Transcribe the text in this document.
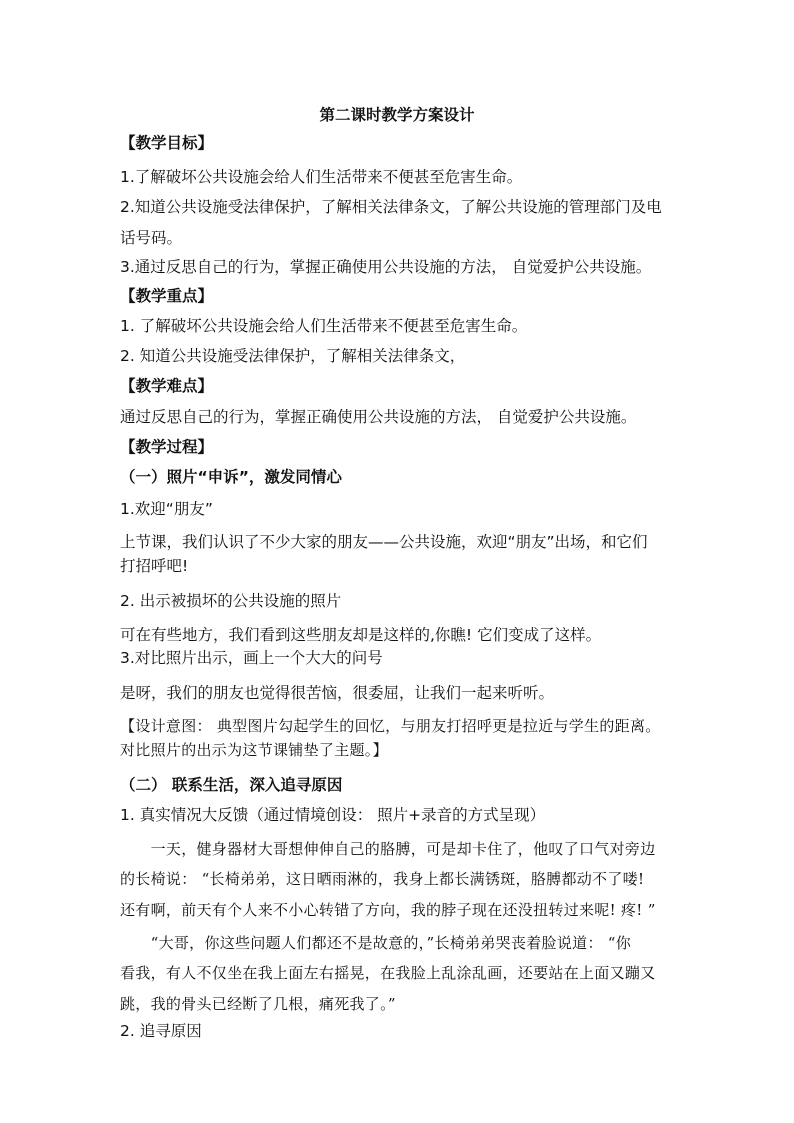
第二课时教学方案设计
【教学目标】
1.了解破坏公共设施会给人们生活带来不便甚至危害生命。
2.知道公共设施受法律保护，了解相关法律条文，了解公共设施的管理部门及电
话号码。
3.通过反思自己的行为，掌握正确使用公共设施的方法， 自觉爱护公共设施。
【教学重点】
1. 了解破坏公共设施会给人们生活带来不便甚至危害生命。
2. 知道公共设施受法律保护，了解相关法律条文，
【教学难点】
通过反思自己的行为，掌握正确使用公共设施的方法， 自觉爱护公共设施。
【教学过程】
（一）照片“申诉”，激发同情心
1.欢迎“朋友”
上节课，我们认识了不少大家的朋友——公共设施，欢迎“朋友”出场，和它们
打招呼吧!
2. 出示被损坏的公共设施的照片
可在有些地方，我们看到这些朋友却是这样的,你瞧! 它们变成了这样。
3.对比照片出示，画上一个大大的问号
是呀，我们的朋友也觉得很苦恼，很委屈，让我们一起来听听。
【设计意图： 典型图片勾起学生的回忆，与朋友打招呼更是拉近与学生的距离。
对比照片的出示为这节课铺垫了主题。】
（二） 联系生活，深入追寻原因
1. 真实情况大反馈（通过情境创设： 照片+录音的方式呈现）
　　一天，健身器材大哥想伸伸自己的胳膊，可是却卡住了，他叹了口气对旁边
的长椅说： “长椅弟弟，这日晒雨淋的，我身上都长满锈斑，胳膊都动不了喽!
还有啊，前天有个人来不小心转错了方向，我的脖子现在还没扭转过来呢! 疼! ”
　　“大哥，你这些问题人们都还不是故意的，”长椅弟弟哭丧着脸说道： “你
看我，有人不仅坐在我上面左右摇晃，在我脸上乱涂乱画，还要站在上面又蹦又
跳，我的骨头已经断了几根，痛死我了。”
2. 追寻原因
